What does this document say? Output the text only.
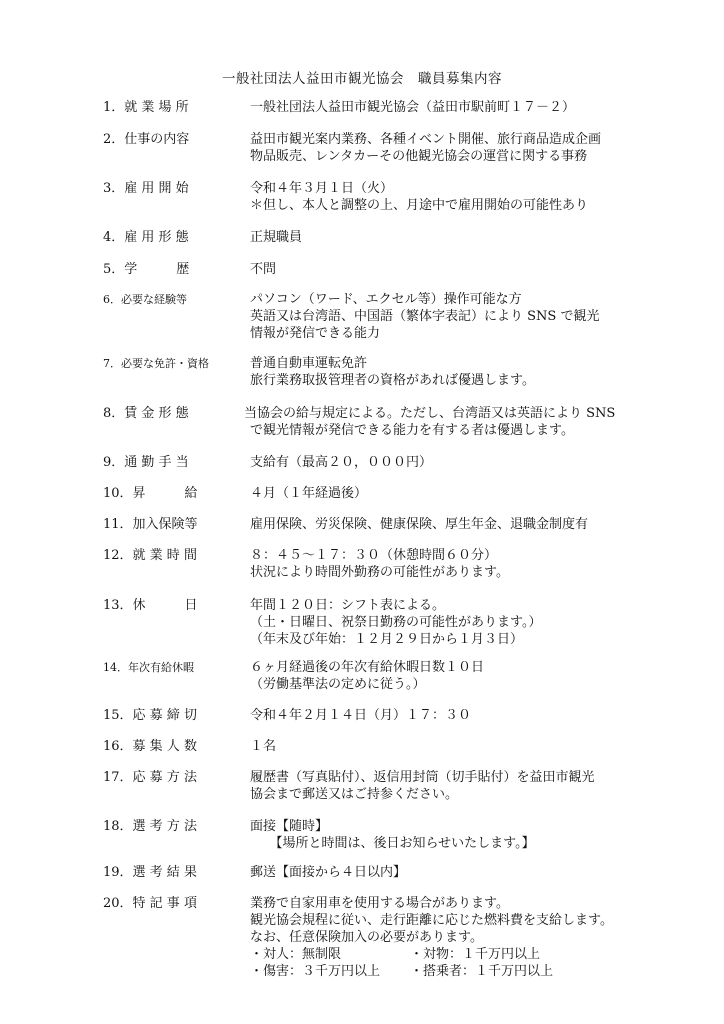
一般社団法人益田市観光協会　職員募集内容
1．就 業 場 所	一般社団法人益田市観光協会（益田市駅前町１７－２）
2．仕事の内容	益田市観光案内業務、各種イベント開催、旅行商品造成企画
物品販売、レンタカーその他観光協会の運営に関する事務
3．雇 用 開 始	令和４年３月１日（火）
＊但し、本人と調整の上、月途中で雇用開始の可能性あり
4．雇 用 形 態	正規職員
5．学　　　歴	不問
6．必要な経験等	パソコン（ワード、エクセル等）操作可能な方
英語又は台湾語、中国語（繁体字表記）により SNS で観光
情報が発信できる能力
7．必要な免許・資格	普通自動車運転免許
旅行業務取扱管理者の資格があれば優遇します。
8．賃 金 形 態	当協会の給与規定による。ただし、台湾語又は英語により SNS
で観光情報が発信できる能力を有する者は優遇します。
9．通 勤 手 当	支給有（最高２０，０００円）
10．昇　　　給	４月（１年経過後）
11．加入保険等	雇用保険、労災保険、健康保険、厚生年金、退職金制度有
12．就 業 時 間	８：４５～１７：３０（休憩時間６０分）
状況により時間外勤務の可能性があります。
13．休　　　日	年間１２０日：シフト表による。
（土・日曜日、祝祭日勤務の可能性があります。）
（年末及び年始：１２月２９日から１月３日）
14．年次有給休暇	６ヶ月経過後の年次有給休暇日数１０日
（労働基準法の定めに従う。）
15．応 募 締 切	令和４年２月１４日（月）１７：３０
16．募 集 人 数	１名
17．応 募 方 法	履歴書（写真貼付）、返信用封筒（切手貼付）を益田市観光
協会まで郵送又はご持参ください。
18．選 考 方 法	面接【随時】
　　【場所と時間は、後日お知らせいたします。】
19．選 考 結 果	郵送【面接から４日以内】
20．特 記 事 項	業務で自家用車を使用する場合があります。
観光協会規程に従い、走行距離に応じた燃料費を支給します。
なお、任意保険加入の必要があります。
・対人：無制限	・対物：１千万円以上
・傷害：３千万円以上 ・搭乗者：１千万円以上
